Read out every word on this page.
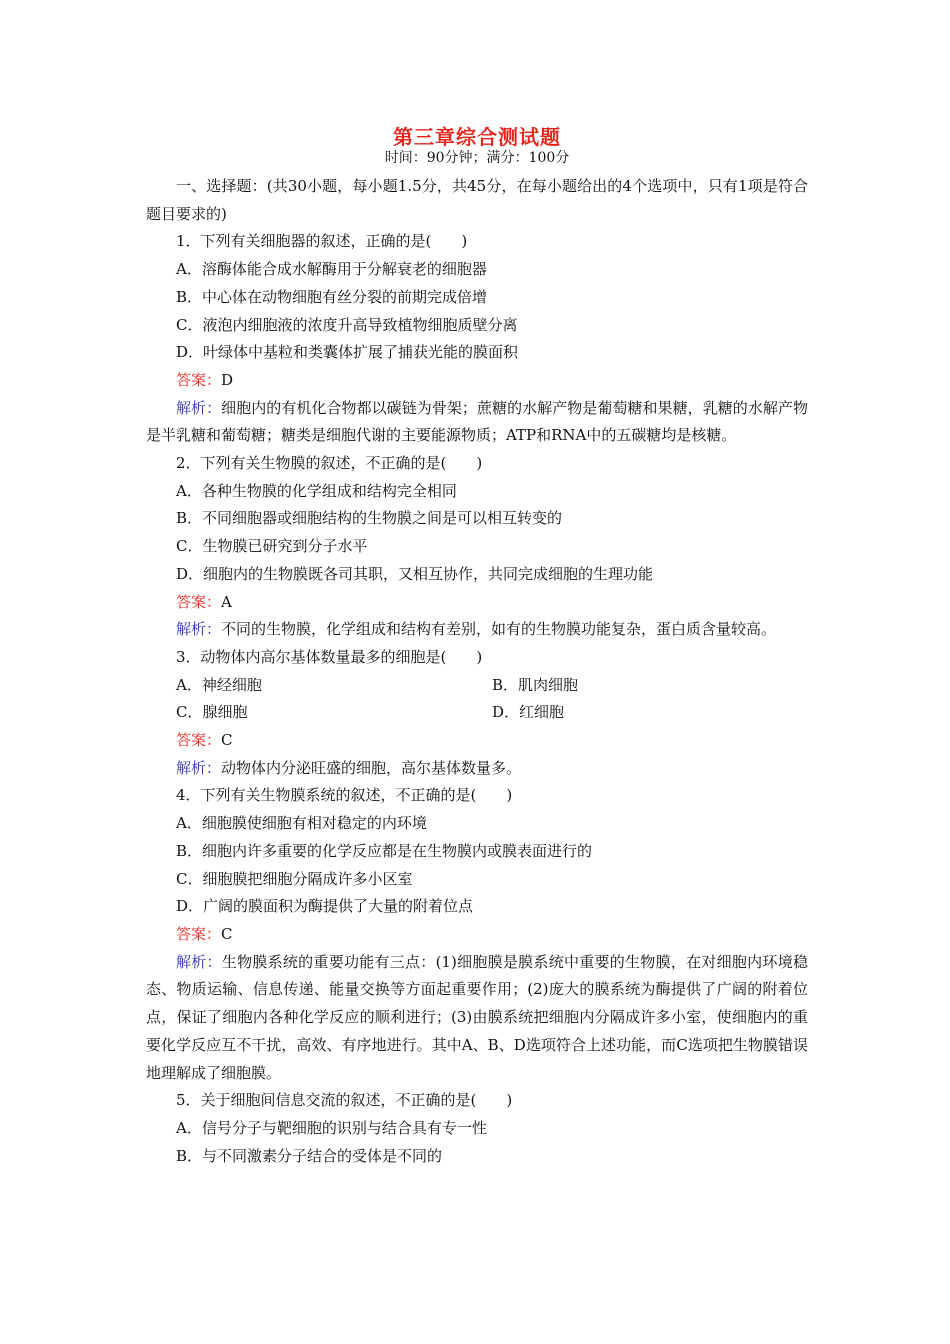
第三章综合测试题
时间：90分钟；满分：100分

一、选择题：(共30小题，每小题1.5分，共45分，在每小题给出的4个选项中，只有1项是符合题目要求的)

1．下列有关细胞器的叙述，正确的是(　　)

A．溶酶体能合成水解酶用于分解衰老的细胞器

B．中心体在动物细胞有丝分裂的前期完成倍增

C．液泡内细胞液的浓度升高导致植物细胞质壁分离

D．叶绿体中基粒和类囊体扩展了捕获光能的膜面积

答案：D

解析：细胞内的有机化合物都以碳链为骨架；蔗糖的水解产物是葡萄糖和果糖，乳糖的水解产物是半乳糖和葡萄糖；糖类是细胞代谢的主要能源物质；ATP和RNA中的五碳糖均是核糖。

2．下列有关生物膜的叙述，不正确的是(　　)

A．各种生物膜的化学组成和结构完全相同

B．不同细胞器或细胞结构的生物膜之间是可以相互转变的

C．生物膜已研究到分子水平

D．细胞内的生物膜既各司其职，又相互协作，共同完成细胞的生理功能

答案：A

解析：不同的生物膜，化学组成和结构有差别，如有的生物膜功能复杂，蛋白质含量较高。

3．动物体内高尔基体数量最多的细胞是(　　)

A．神经细胞	B．肌肉细胞
C．腺细胞	D．红细胞

答案：C

解析：动物体内分泌旺盛的细胞，高尔基体数量多。

4．下列有关生物膜系统的叙述，不正确的是(　　)

A．细胞膜使细胞有相对稳定的内环境

B．细胞内许多重要的化学反应都是在生物膜内或膜表面进行的

C．细胞膜把细胞分隔成许多小区室

D．广阔的膜面积为酶提供了大量的附着位点

答案：C

解析：生物膜系统的重要功能有三点：(1)细胞膜是膜系统中重要的生物膜，在对细胞内环境稳态、物质运输、信息传递、能量交换等方面起重要作用；(2)庞大的膜系统为酶提供了广阔的附着位点，保证了细胞内各种化学反应的顺利进行；(3)由膜系统把细胞内分隔成许多小室，使细胞内的重要化学反应互不干扰，高效、有序地进行。其中A、B、D选项符合上述功能，而C选项把生物膜错误地理解成了细胞膜。

5．关于细胞间信息交流的叙述，不正确的是(　　)

A．信号分子与靶细胞的识别与结合具有专一性

B．与不同激素分子结合的受体是不同的
